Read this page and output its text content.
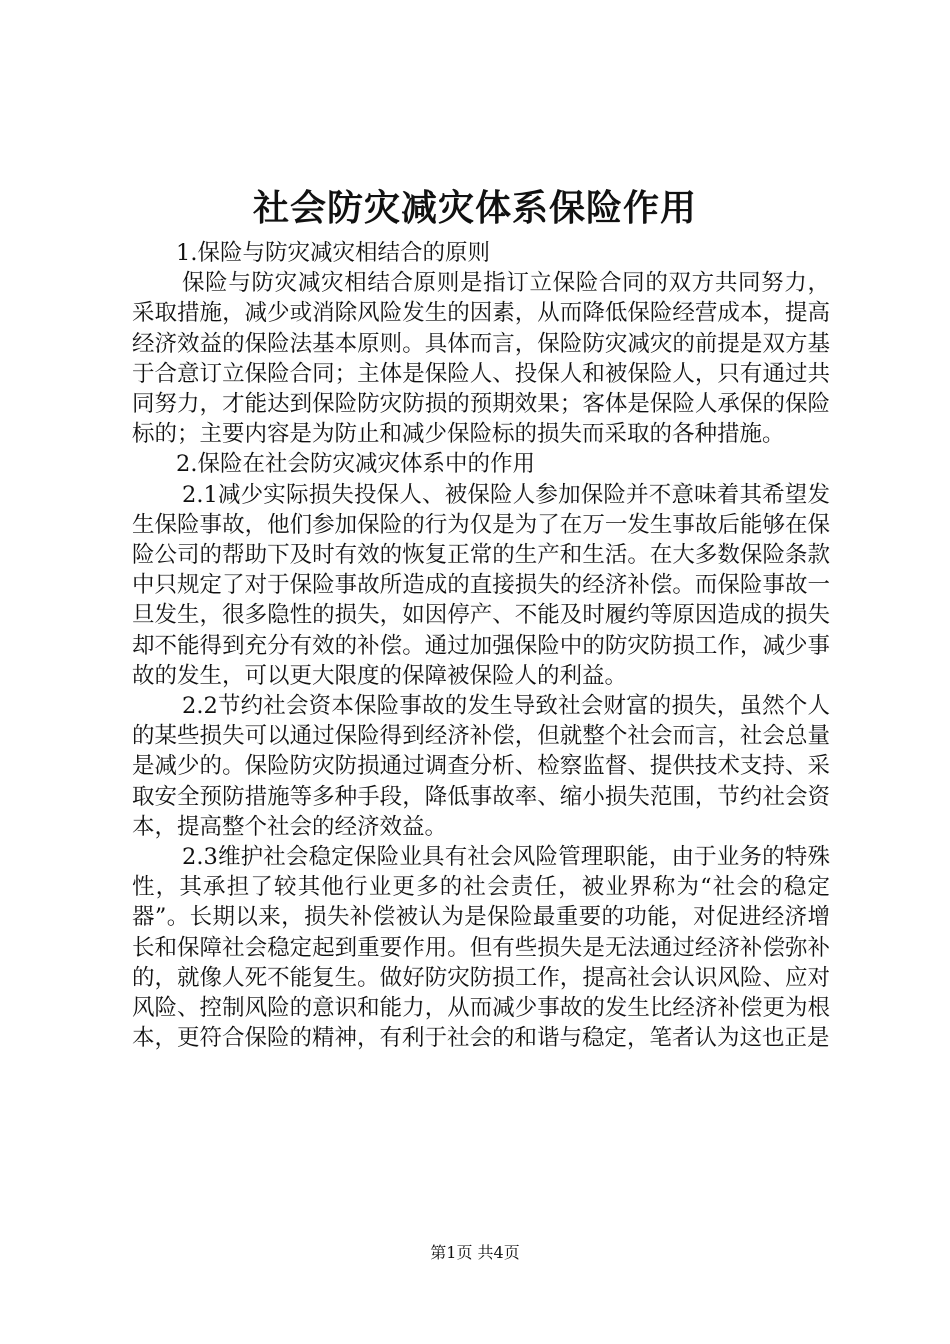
社会防灾减灾体系保险作用

1.保险与防灾减灾相结合的原则

保险与防灾减灾相结合原则是指订立保险合同的双方共同努力，采取措施，减少或消除风险发生的因素，从而降低保险经营成本，提高经济效益的保险法基本原则。具体而言，保险防灾减灾的前提是双方基于合意订立保险合同；主体是保险人、投保人和被保险人，只有通过共同努力，才能达到保险防灾防损的预期效果；客体是保险人承保的保险标的；主要内容是为防止和减少保险标的损失而采取的各种措施。

2.保险在社会防灾减灾体系中的作用

2.1减少实际损失投保人、被保险人参加保险并不意味着其希望发生保险事故，他们参加保险的行为仅是为了在万一发生事故后能够在保险公司的帮助下及时有效的恢复正常的生产和生活。在大多数保险条款中只规定了对于保险事故所造成的直接损失的经济补偿。而保险事故一旦发生，很多隐性的损失，如因停产、不能及时履约等原因造成的损失却不能得到充分有效的补偿。通过加强保险中的防灾防损工作，减少事故的发生，可以更大限度的保障被保险人的利益。

2.2节约社会资本保险事故的发生导致社会财富的损失，虽然个人的某些损失可以通过保险得到经济补偿，但就整个社会而言，社会总量是减少的。保险防灾防损通过调查分析、检察监督、提供技术支持、采取安全预防措施等多种手段，降低事故率、缩小损失范围，节约社会资本，提高整个社会的经济效益。

2.3维护社会稳定保险业具有社会风险管理职能，由于业务的特殊性，其承担了较其他行业更多的社会责任，被业界称为“社会的稳定器”。长期以来，损失补偿被认为是保险最重要的功能，对促进经济增长和保障社会稳定起到重要作用。但有些损失是无法通过经济补偿弥补的，就像人死不能复生。做好防灾防损工作，提高社会认识风险、应对风险、控制风险的意识和能力，从而减少事故的发生比经济补偿更为根本，更符合保险的精神，有利于社会的和谐与稳定，笔者认为这也正是

第1页 共4页
